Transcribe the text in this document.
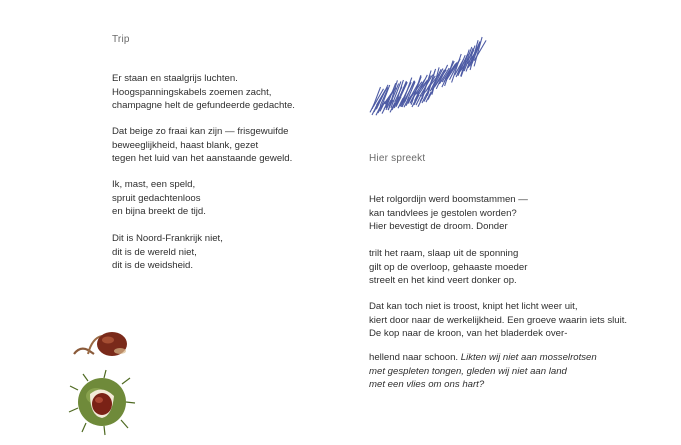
Trip
Er staan en staalgrijs luchten.
Hoogspanningskabels zoemen zacht,
champagne helt de gefundeerde gedachte.
Dat beige zo fraai kan zijn — frisgewuifde
beweeglijkheid, haast blank, gezet
tegen het luid van het aanstaande geweld.
Ik, mast, een speld,
spruit gedachtenloos
en bijna breekt de tijd.
Dit is Noord-Frankrijk niet,
dit is de wereld niet,
dit is de weidsheid.
Hier spreekt
Het rolgordijn werd boomstammen —
kan tandvlees je gestolen worden?
Hier bevestigt de droom. Donder
trilt het raam, slaap uit de sponning
gilt op de overloop, gehaaste moeder
streelt en het kind veert donker op.
Dat kan toch niet is troost, knipt het licht weer uit,
kiert door naar de werkelijkheid. Een groeve waarin iets sluit.
De kop naar de kroon, van het bladerdek over-
hellend naar schoon. Likten wij niet aan mosselrotsen
met gespleten tongen, gleden wij niet aan land
met een vlies om ons hart?
